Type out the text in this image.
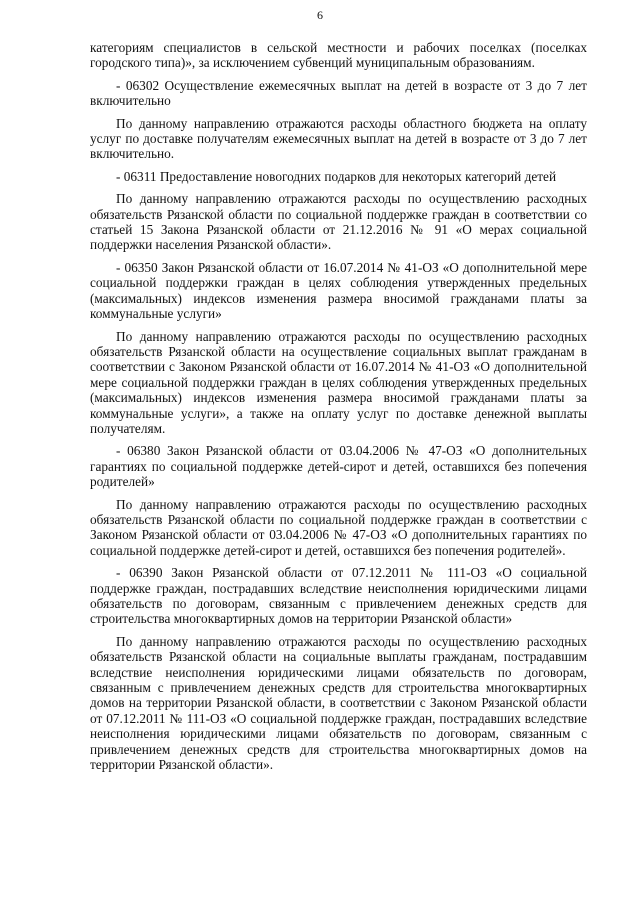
6

категориям специалистов в сельской местности и рабочих поселках (поселках городского типа)», за исключением субвенций муниципальным образованиям.

- 06302 Осуществление ежемесячных выплат на детей в возрасте от 3 до 7 лет включительно

По данному направлению отражаются расходы областного бюджета на оплату услуг по доставке получателям ежемесячных выплат на детей в возрасте от 3 до 7 лет включительно.

- 06311 Предоставление новогодних подарков для некоторых категорий детей

По данному направлению отражаются расходы по осуществлению расходных обязательств Рязанской области по социальной поддержке граждан в соответствии со статьей 15 Закона Рязанской области от 21.12.2016 № 91 «О мерах социальной поддержки населения Рязанской области».

- 06350 Закон Рязанской области от 16.07.2014 № 41-ОЗ «О дополнительной мере социальной поддержки граждан в целях соблюдения утвержденных предельных (максимальных) индексов изменения размера вносимой гражданами платы за коммунальные услуги»

По данному направлению отражаются расходы по осуществлению расходных обязательств Рязанской области на осуществление социальных выплат гражданам в соответствии с Законом Рязанской области от 16.07.2014 № 41-ОЗ «О дополнительной мере социальной поддержки граждан в целях соблюдения утвержденных предельных (максимальных) индексов изменения размера вносимой гражданами платы за коммунальные услуги», а также на оплату услуг по доставке денежной выплаты получателям.

- 06380 Закон Рязанской области от 03.04.2006 № 47-ОЗ «О дополнительных гарантиях по социальной поддержке детей-сирот и детей, оставшихся без попечения родителей»

По данному направлению отражаются расходы по осуществлению расходных обязательств Рязанской области по социальной поддержке граждан в соответствии с Законом Рязанской области от 03.04.2006 № 47-ОЗ «О дополнительных гарантиях по социальной поддержке детей-сирот и детей, оставшихся без попечения родителей».

- 06390 Закон Рязанской области от 07.12.2011 № 111-ОЗ «О социальной поддержке граждан, пострадавших вследствие неисполнения юридическими лицами обязательств по договорам, связанным с привлечением денежных средств для строительства многоквартирных домов на территории Рязанской области»

По данному направлению отражаются расходы по осуществлению расходных обязательств Рязанской области на социальные выплаты гражданам, пострадавшим вследствие неисполнения юридическими лицами обязательств по договорам, связанным с привлечением денежных средств для строительства многоквартирных домов на территории Рязанской области, в соответствии с Законом Рязанской области от 07.12.2011 № 111-ОЗ «О социальной поддержке граждан, пострадавших вследствие неисполнения юридическими лицами обязательств по договорам, связанным с привлечением денежных средств для строительства многоквартирных домов на территории Рязанской области».
